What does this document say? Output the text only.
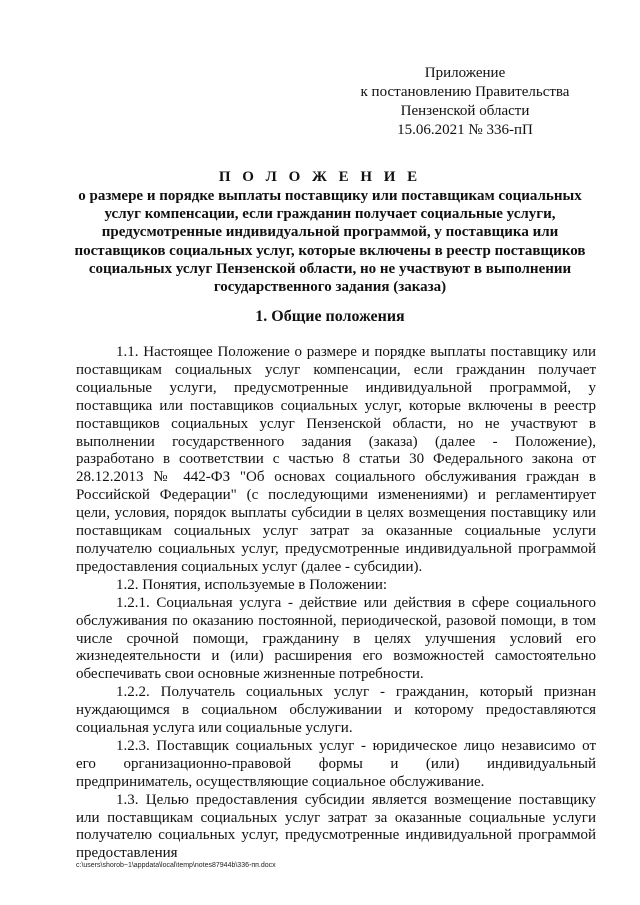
Приложение
к постановлению Правительства
Пензенской области
15.06.2021 № 336-пП
П О Л О Ж Е Н И Е
о размере и порядке выплаты поставщику или поставщикам социальных
услуг компенсации, если гражданин получает социальные услуги,
предусмотренные индивидуальной программой, у поставщика или
поставщиков социальных услуг, которые включены в реестр поставщиков
социальных услуг Пензенской области, но не участвуют в выполнении
государственного задания (заказа)
1. Общие положения

1.1. Настоящее Положение о размере и порядке выплаты поставщику или поставщикам социальных услуг компенсации, если гражданин получает социальные услуги, предусмотренные индивидуальной программой, у поставщика или поставщиков социальных услуг, которые включены в реестр поставщиков социальных услуг Пензенской области, но не участвуют в выполнении государственного задания (заказа) (далее - Положение), разработано в соответствии с частью 8 статьи 30 Федерального закона от 28.12.2013 № 442-ФЗ "Об основах социального обслуживания граждан в Российской Федерации" (с последующими изменениями) и регламентирует цели, условия, порядок выплаты субсидии в целях возмещения поставщику или поставщикам социальных услуг затрат за оказанные социальные услуги получателю социальных услуг, предусмотренные индивидуальной программой предоставления социальных услуг (далее - субсидии).

1.2. Понятия, используемые в Положении:

1.2.1. Социальная услуга - действие или действия в сфере социального обслуживания по оказанию постоянной, периодической, разовой помощи, в том числе срочной помощи, гражданину в целях улучшения условий его жизнедеятельности и (или) расширения его возможностей самостоятельно обеспечивать свои основные жизненные потребности.

1.2.2. Получатель социальных услуг - гражданин, который признан нуждающимся в социальном обслуживании и которому предоставляются социальная услуга или социальные услуги.

1.2.3. Поставщик социальных услуг - юридическое лицо независимо от его организационно-правовой формы и (или) индивидуальный предприниматель, осуществляющие социальное обслуживание.

1.3. Целью предоставления субсидии является возмещение поставщику или поставщикам социальных услуг затрат за оказанные социальные услуги получателю социальных услуг, предусмотренные индивидуальной программой предоставления

c:\users\shorob~1\appdata\local\temp\notes87944b\336-пп.docx
